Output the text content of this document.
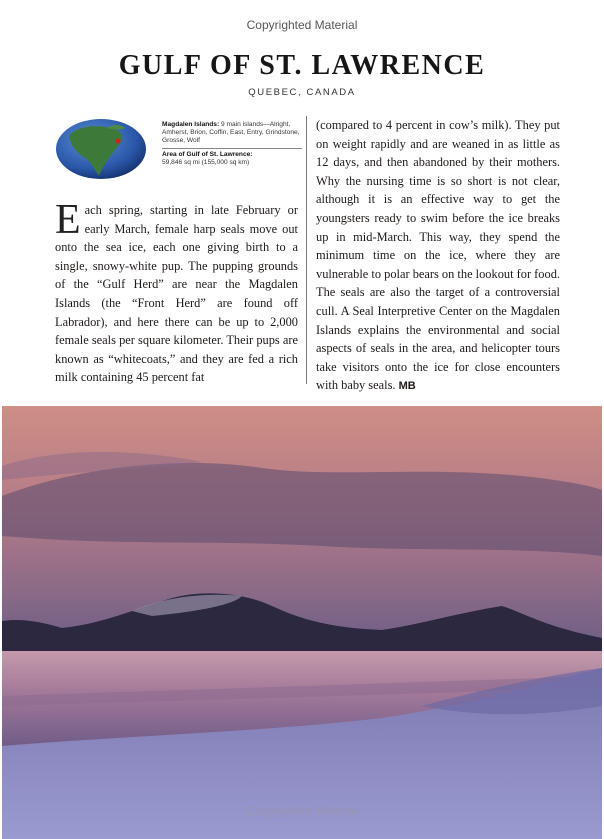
Copyrighted Material
GULF OF ST. LAWRENCE
QUEBEC, CANADA
Magdalen Islands: 9 main islands—Alright, Amherst, Brion, Coffin, East, Entry, Grindstone, Grosse, Wolf
Area of Gulf of St. Lawrence:
59,846 sq mi (155,000 sq km)
Each spring, starting in late February or early March, female harp seals move out onto the sea ice, each one giving birth to a single, snowy-white pup. The pupping grounds of the “Gulf Herd” are near the Magdalen Islands (the “Front Herd” are found off Labrador), and here there can be up to 2,000 female seals per square kilometer. Their pups are known as “whitecoats,” and they are fed a rich milk containing 45 percent fat
(compared to 4 percent in cow’s milk). They put on weight rapidly and are weaned in as little as 12 days, and then abandoned by their mothers. Why the nursing time is so short is not clear, although it is an effective way to get the youngsters ready to swim before the ice breaks up in mid-March. This way, they spend the minimum time on the ice, where they are vulnerable to polar bears on the lookout for food. The seals are also the target of a controversial cull. A Seal Interpretive Center on the Magdalen Islands explains the environmental and social aspects of seals in the area, and helicopter tours take visitors onto the ice for close encounters with baby seals. MB
Copyrighted Material
